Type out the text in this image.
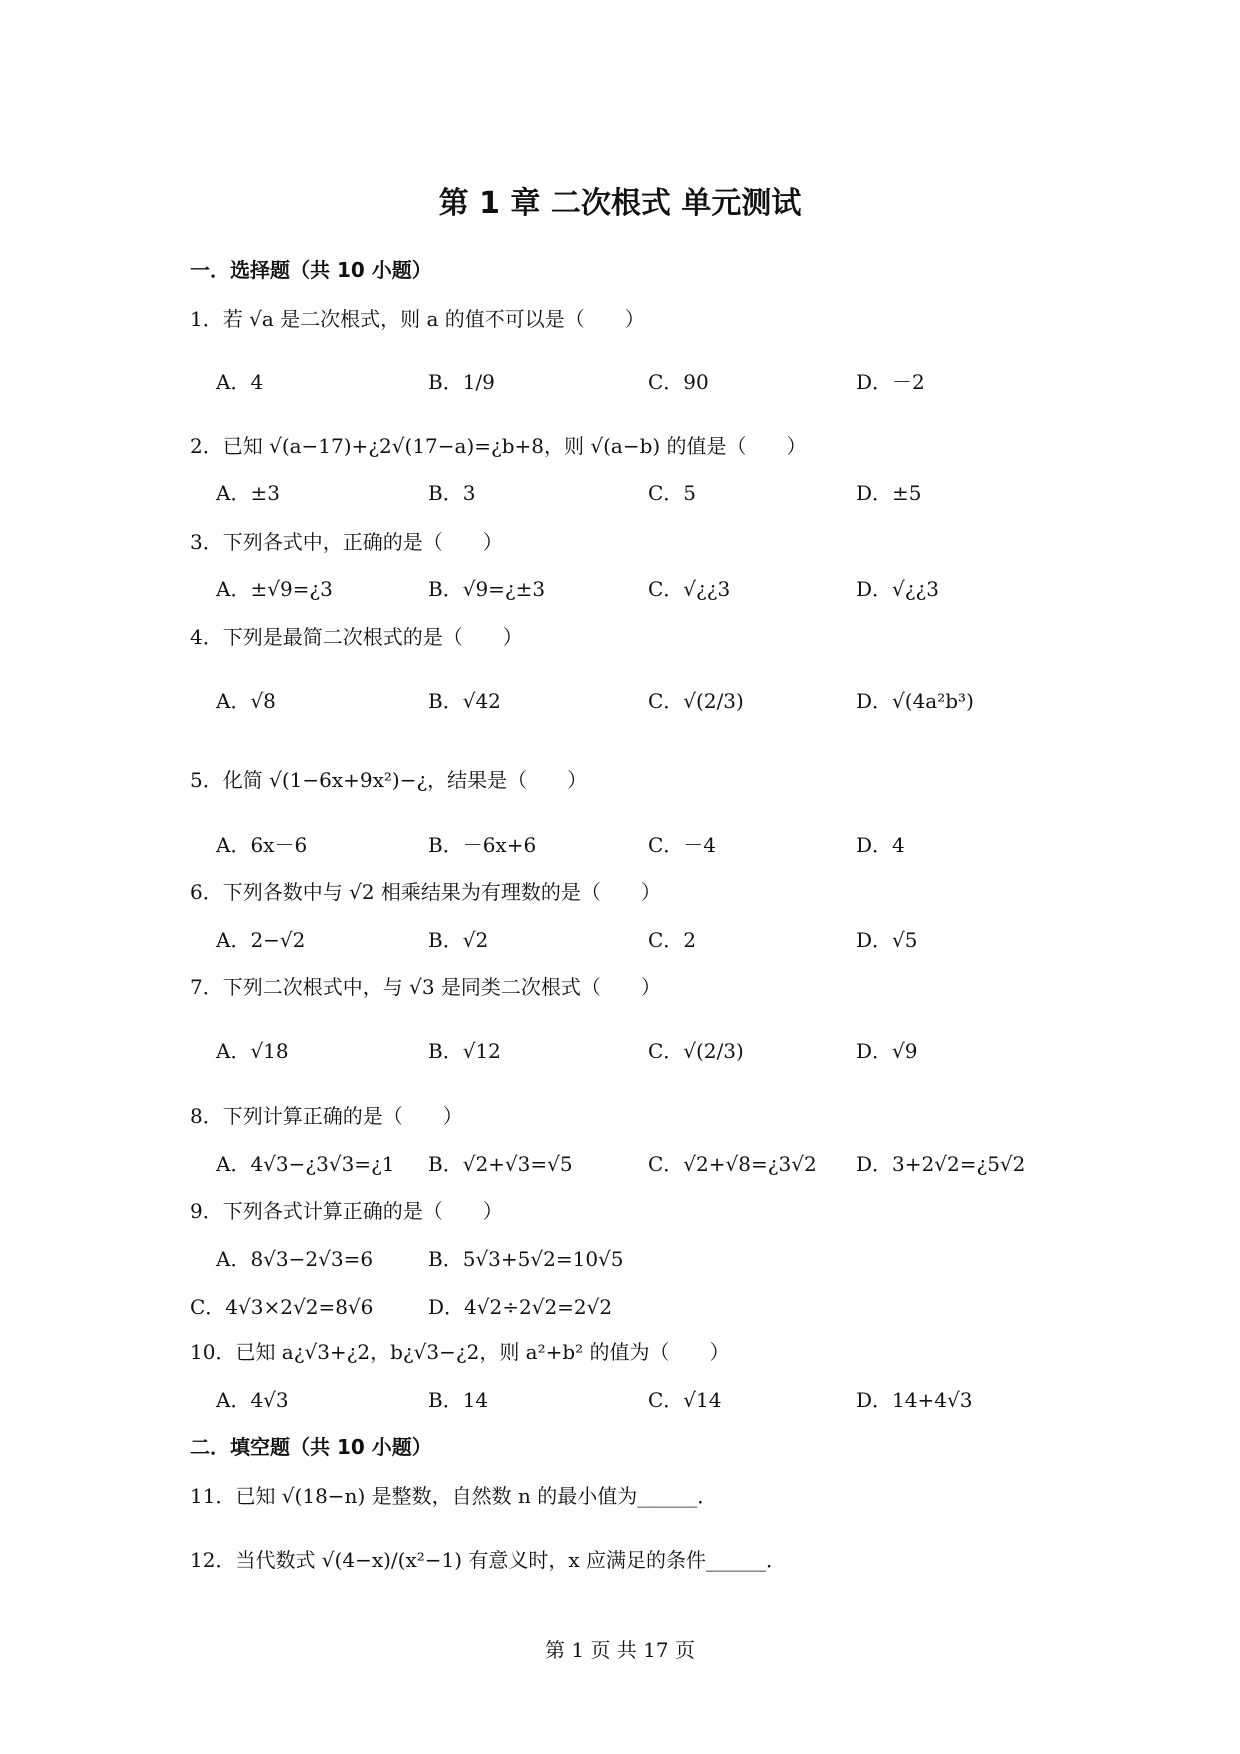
第 1 章 二次根式 单元测试
一．选择题（共 10 小题）
1．若 √a 是二次根式，则 a 的值不可以是（　　）
A．4	B．1/9	C．90	D．－2
2．已知 √(a−17)+¿2√(17−a)=¿b+8，则 √(a−b) 的值是（　　）
A．±3	B．3	C．5	D．±5
3．下列各式中，正确的是（　　）
A．±√9=¿3	B．√9=¿±3	C．√¿¿3	D．√¿¿3
4．下列是最简二次根式的是（　　）
A．√8	B．√42	C．√(2/3)	D．√(4a²b³)
5．化简 √(1−6x+9x²)−¿，结果是（　　）
A．6x－6	B．－6x+6	C．－4	D．4
6．下列各数中与 √2 相乘结果为有理数的是（　　）
A．2−√2	B．√2	C．2	D．√5
7．下列二次根式中，与 √3 是同类二次根式（　　）
A．√18	B．√12	C．√(2/3)	D．√9
8．下列计算正确的是（　　）
A．4√3−¿3√3=¿1 B．√2+√3=√5	C．√2+√8=¿3√2 D．3+2√2=¿5√2
9．下列各式计算正确的是（　　）
A．8√3−2√3=6	B．5√3+5√2=10√5
C．4√3×2√2=8√6	D．4√2÷2√2=2√2
10．已知 a¿√3+¿2，b¿√3−¿2，则 a²+b² 的值为（　　）
A．4√3	B．14	C．√14	D．14+4√3
二．填空题（共 10 小题）
11．已知 √(18−n) 是整数，自然数 n 的最小值为______．
12．当代数式 √(4−x)/(x²−1) 有意义时，x 应满足的条件______．
第 1 页 共 17 页
